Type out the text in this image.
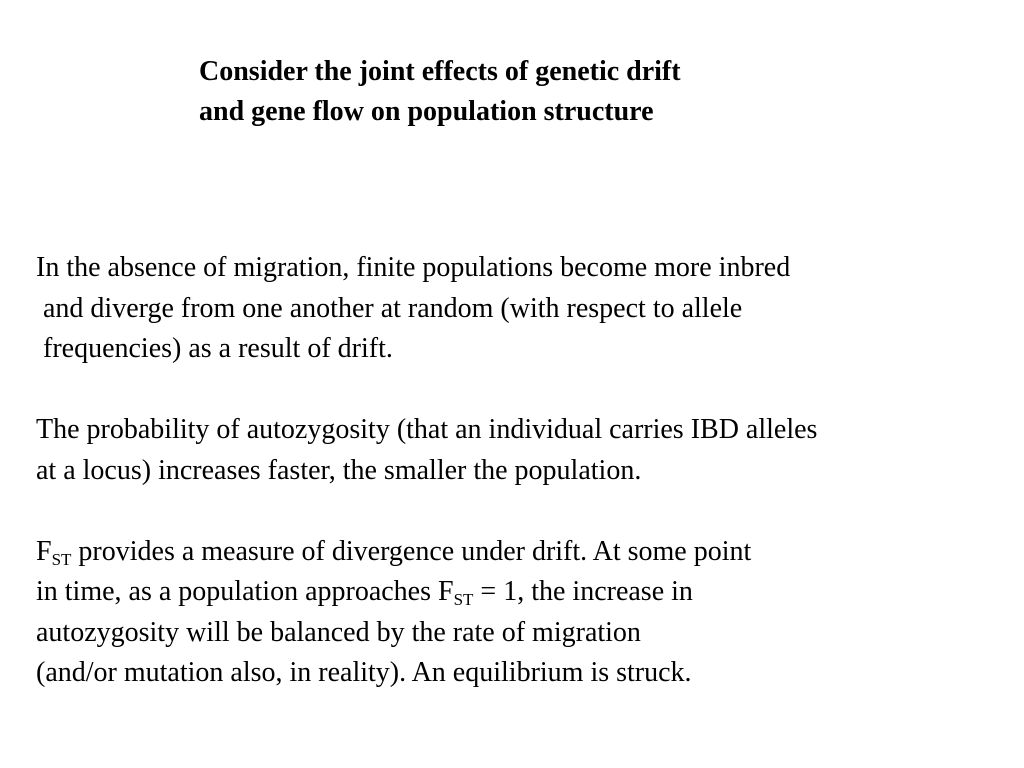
Consider the joint effects of genetic drift
and gene flow on population structure

In the absence of migration, finite populations become more inbred
and diverge from one another at random (with respect to allele
frequencies) as a result of drift.

The probability of autozygosity (that an individual carries IBD alleles
at a locus) increases faster, the smaller the population.

$F_{ST}$ provides a measure of divergence under drift. At some point
in time, as a population approaches $F_{ST} = 1$, the increase in
autozygosity will be balanced by the rate of migration
(and/or mutation also, in reality). An equilibrium is struck.
